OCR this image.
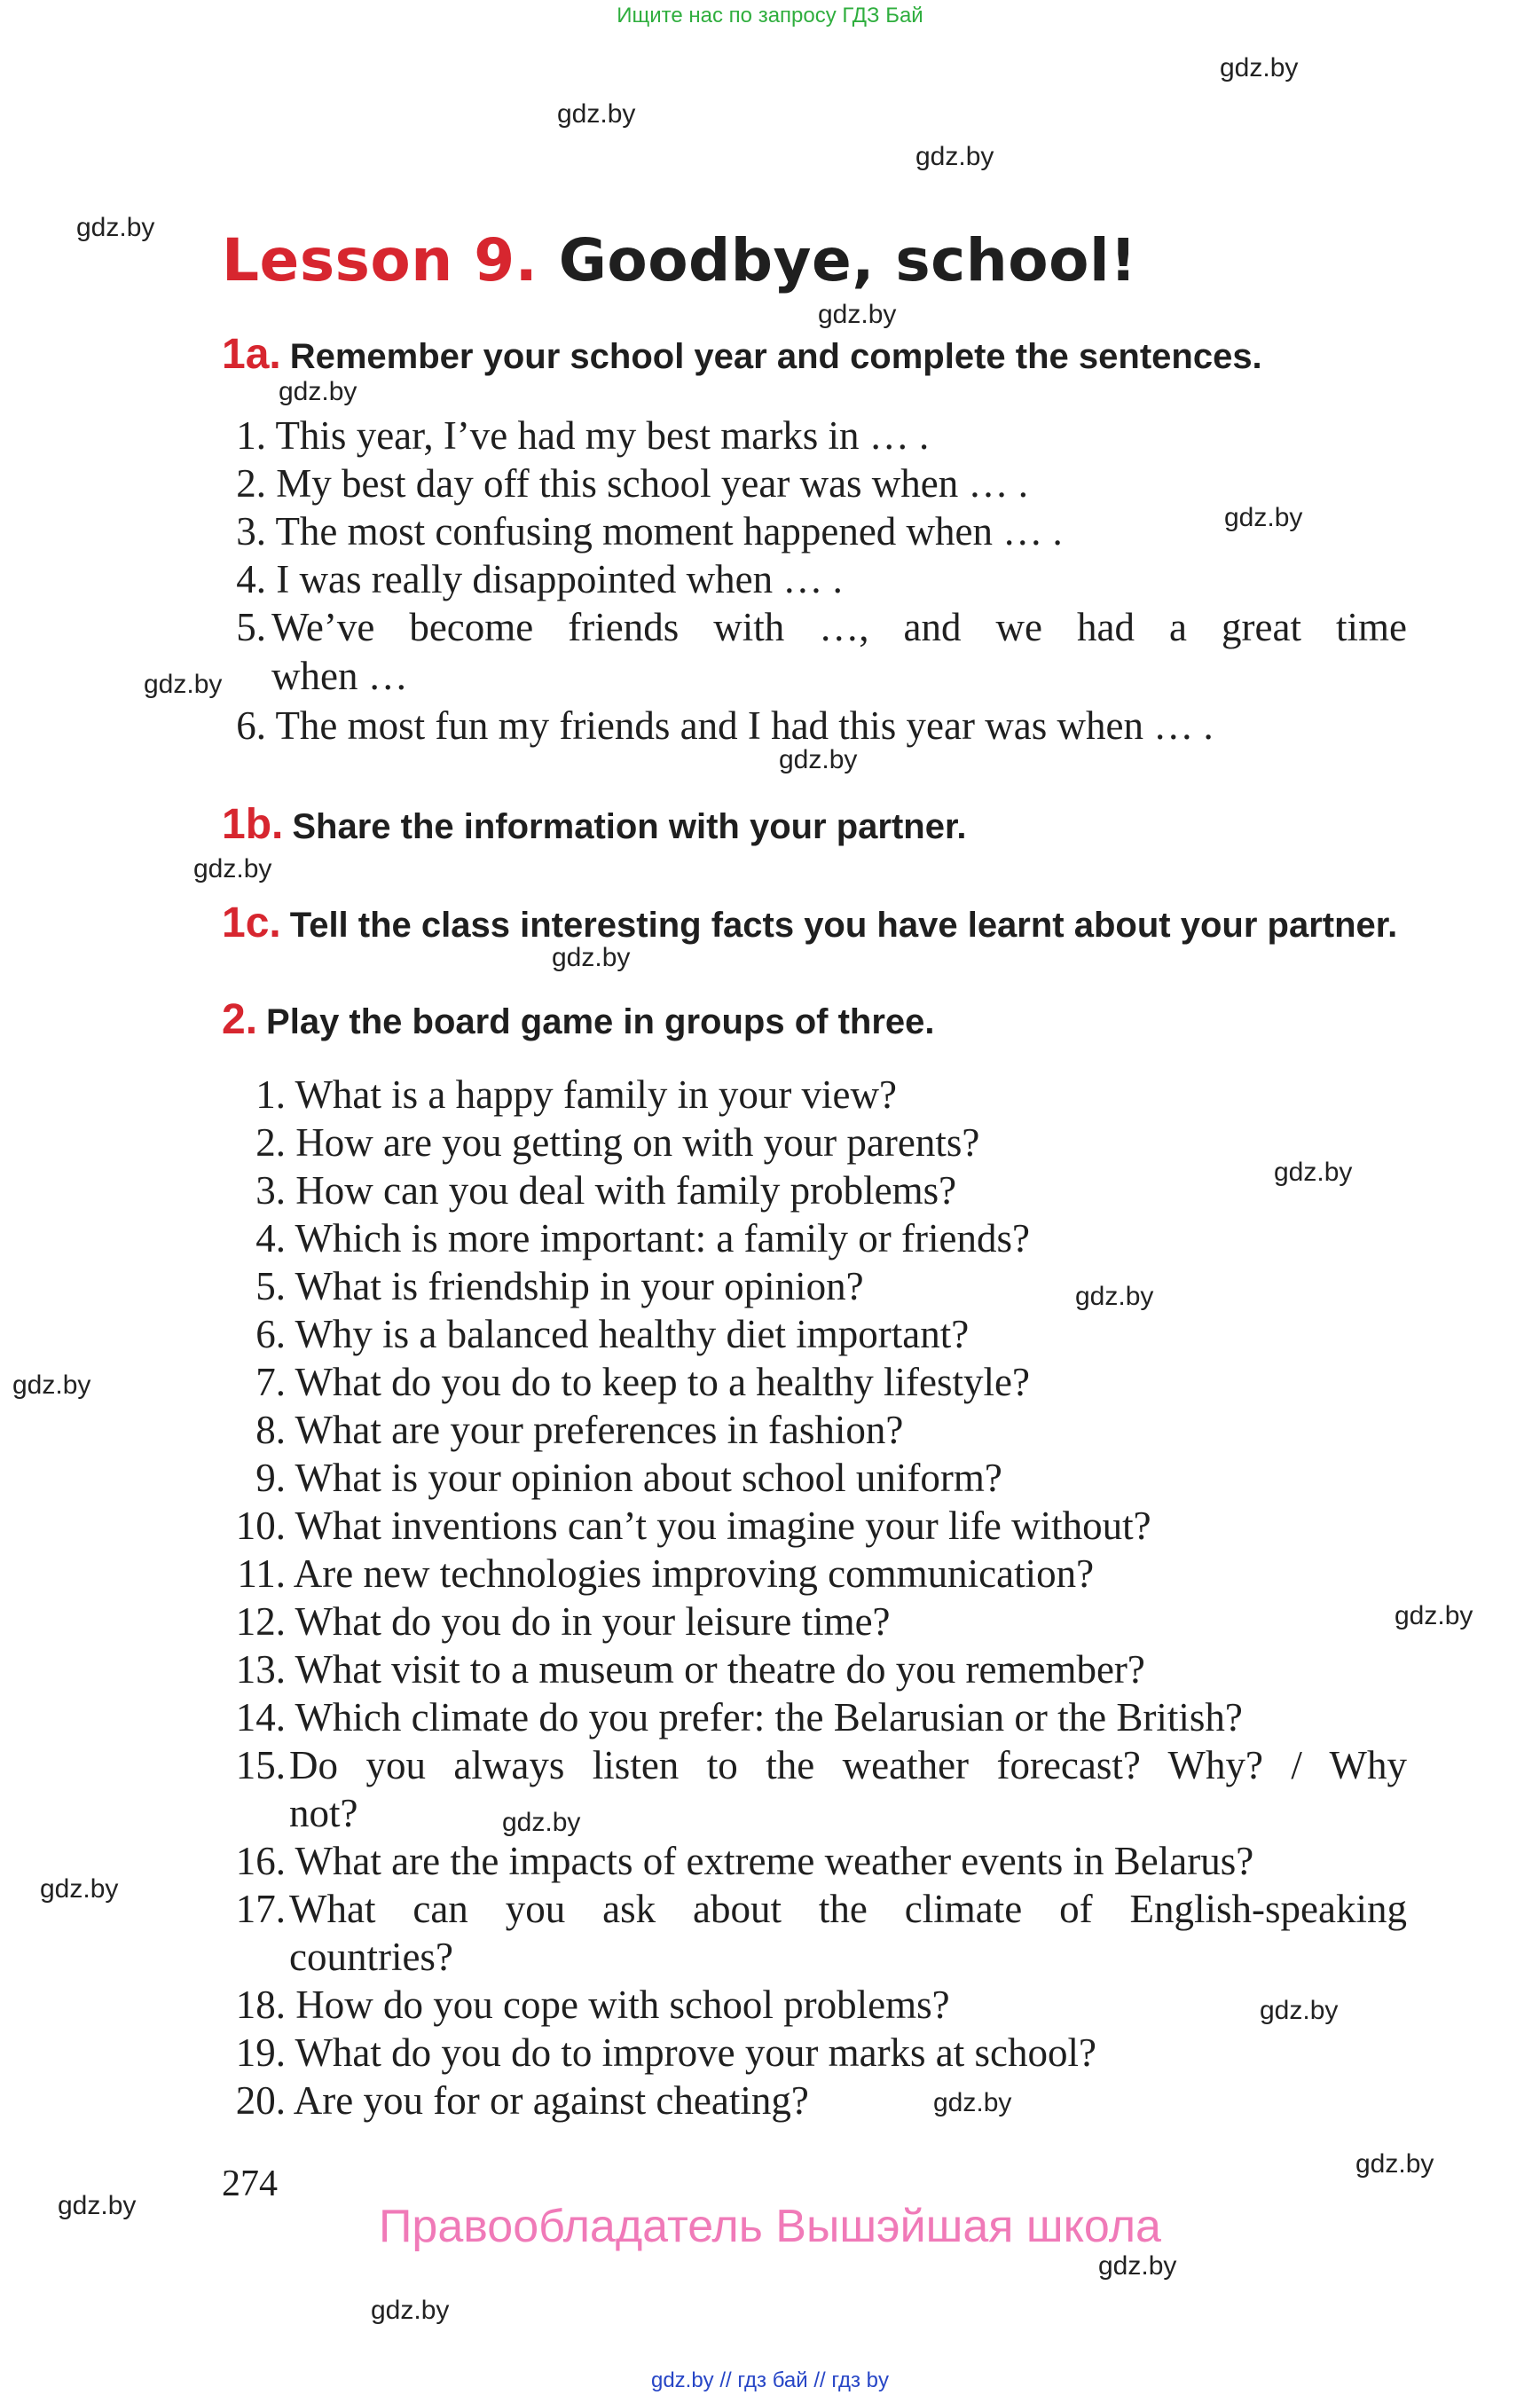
Ищите нас по запросу ГДЗ Бай
gdz.by
gdz.by
gdz.by
gdz.by
gdz.by
gdz.by
gdz.by
gdz.by
gdz.by
gdz.by
gdz.by
gdz.by
gdz.by
gdz.by
gdz.by
gdz.by
gdz.by
gdz.by
gdz.by
gdz.by
gdz.by
gdz.by
gdz.by
Lesson 9. Goodbye, school!
1a. Remember your school year and complete the sentences.
1. This year, I’ve had my best marks in … .
2. My best day off this school year was when … .
3. The most confusing moment happened when … .
4. I was really disappointed when … .
5. We’ve become friends with …, and we had a great time
when …
6. The most fun my friends and I had this year was when … .
1b. Share the information with your partner.
1c. Tell the class interesting facts you have learnt about your partner.
2. Play the board game in groups of three.
1. What is a happy family in your view?
2. How are you getting on with your parents?
3. How can you deal with family problems?
4. Which is more important: a family or friends?
5. What is friendship in your opinion?
6. Why is a balanced healthy diet important?
7. What do you do to keep to a healthy lifestyle?
8. What are your preferences in fashion?
9. What is your opinion about school uniform?
10. What inventions can’t you imagine your life without?
11. Are new technologies improving communication?
12. What do you do in your leisure time?
13. What visit to a museum or theatre do you remember?
14. Which climate do you prefer: the Belarusian or the British?
15. Do you always listen to the weather forecast? Why? / Why
not?
16. What are the impacts of extreme weather events in Belarus?
17. What can you ask about the climate of English-speaking
countries?
18. How do you cope with school problems?
19. What do you do to improve your marks at school?
20. Are you for or against cheating?
274
Правообладатель Вышэйшая школа
gdz.by // гдз бай // гдз by
